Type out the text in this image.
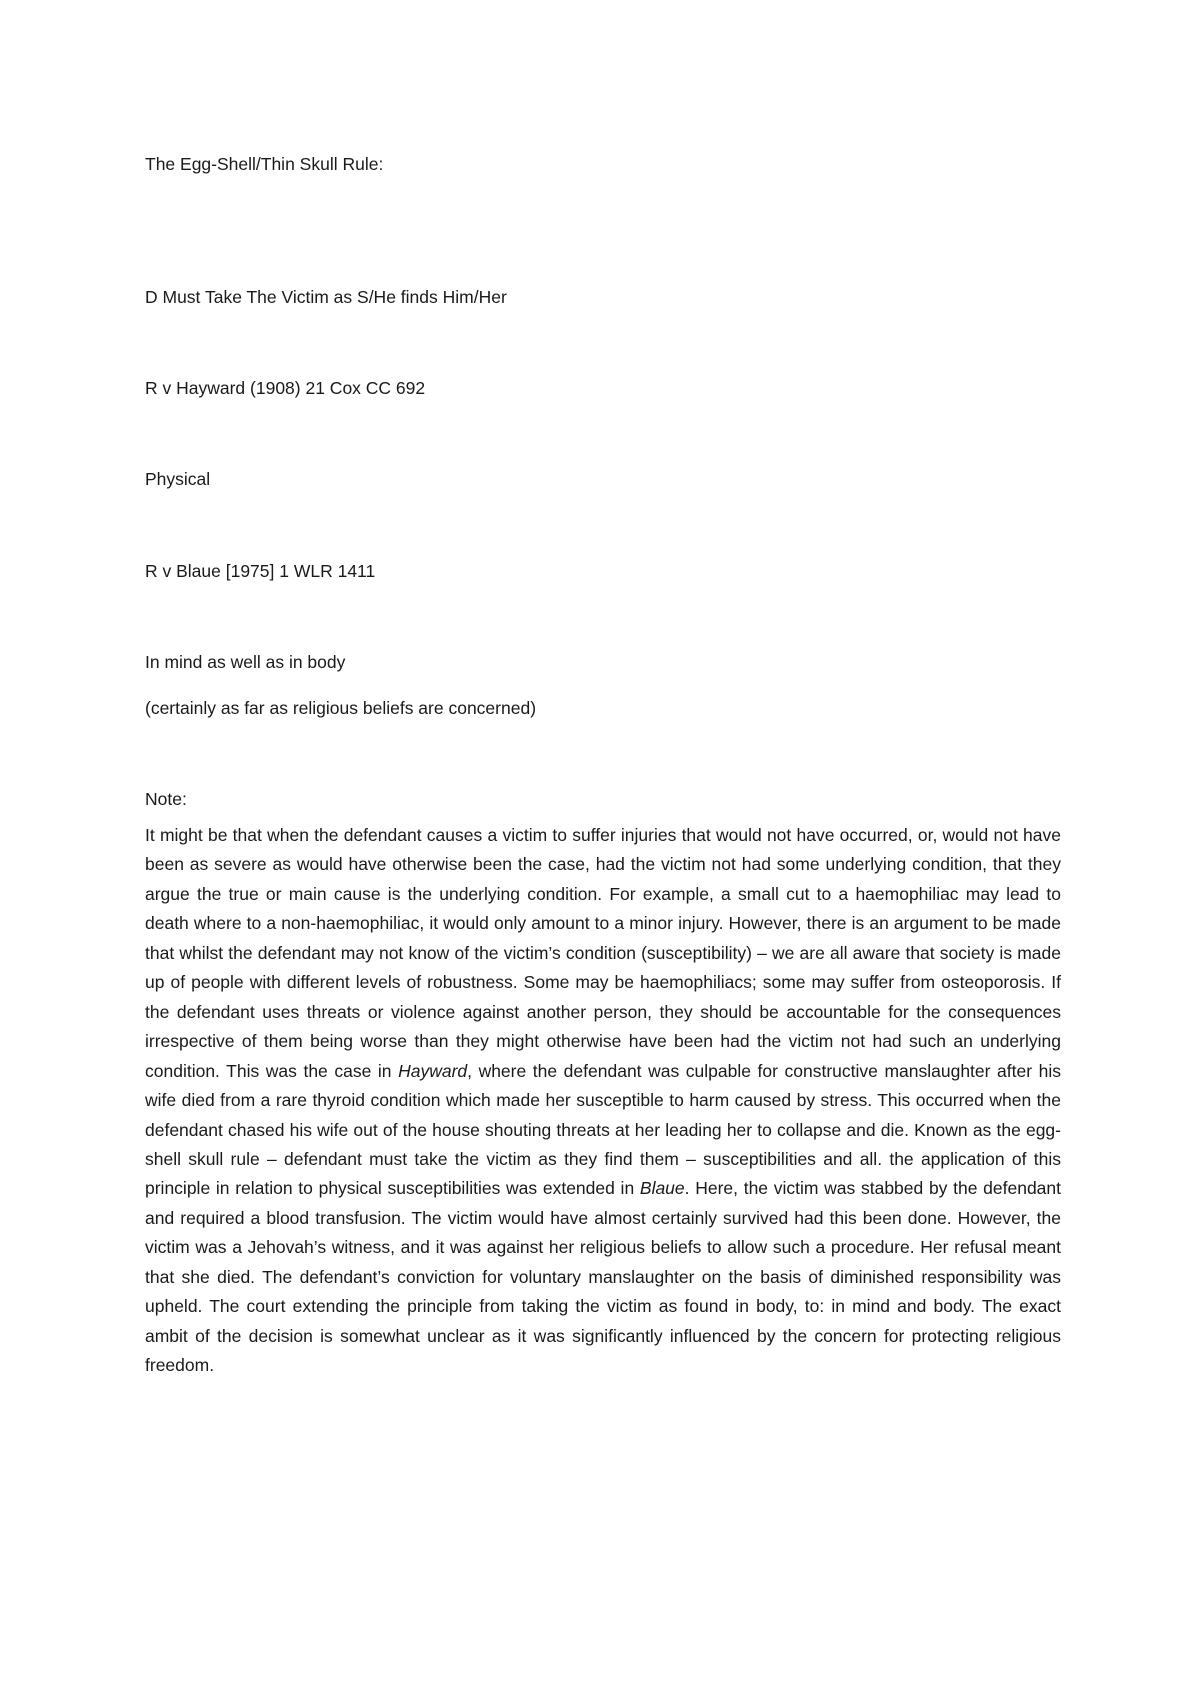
The Egg-Shell/Thin Skull Rule:
D Must Take The Victim as S/He finds Him/Her
R v Hayward (1908) 21 Cox CC 692
Physical
R v Blaue [1975] 1 WLR 1411
In mind as well as in body
(certainly as far as religious beliefs are concerned)
Note:

It might be that when the defendant causes a victim to suffer injuries that would not have occurred, or, would not have been as severe as would have otherwise been the case, had the victim not had some underlying condition, that they argue the true or main cause is the underlying condition. For example, a small cut to a haemophiliac may lead to death where to a non-haemophiliac, it would only amount to a minor injury. However, there is an argument to be made that whilst the defendant may not know of the victim’s condition (susceptibility) – we are all aware that society is made up of people with different levels of robustness. Some may be haemophiliacs; some may suffer from osteoporosis. If the defendant uses threats or violence against another person, they should be accountable for the consequences irrespective of them being worse than they might otherwise have been had the victim not had such an underlying condition. This was the case in Hayward, where the defendant was culpable for constructive manslaughter after his wife died from a rare thyroid condition which made her susceptible to harm caused by stress. This occurred when the defendant chased his wife out of the house shouting threats at her leading her to collapse and die. Known as the egg-shell skull rule – defendant must take the victim as they find them – susceptibilities and all. the application of this principle in relation to physical susceptibilities was extended in Blaue. Here, the victim was stabbed by the defendant and required a blood transfusion. The victim would have almost certainly survived had this been done. However, the victim was a Jehovah’s witness, and it was against her religious beliefs to allow such a procedure. Her refusal meant that she died. The defendant’s conviction for voluntary manslaughter on the basis of diminished responsibility was upheld. The court extending the principle from taking the victim as found in body, to: in mind and body. The exact ambit of the decision is somewhat unclear as it was significantly influenced by the concern for protecting religious freedom.
